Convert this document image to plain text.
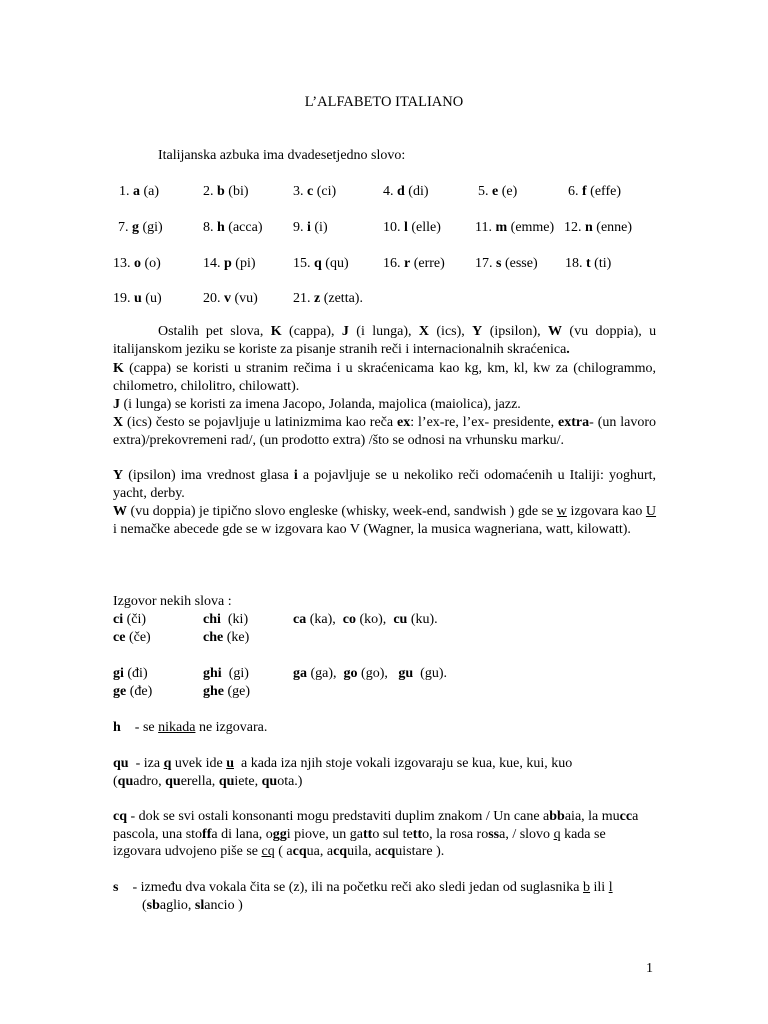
L’ALFABETO ITALIANO
Italijanska azbuka ima dvadesetjedno slovo:
1. a (a)	2. b (bi)	3. c (ci)	4. d (di)	5. e (e)	6. f (effe)
7. g (gi)	8. h (acca) 9. i (i)	10. l (elle) 11. m (emme) 12. n (enne)
13. o (o)	14. p (pi)	15. q (qu) 16. r (erre) 17. s (esse) 18. t (ti)
19. u (u)	20. v (vu)	21. z (zetta).
Ostalih pet slova, K (cappa), J (i lunga), X (ics), Y (ipsilon), W (vu doppia), u italijanskom jeziku se koriste za pisanje stranih reči i internacionalnih skraćenica.
K (cappa) se koristi u stranim rečima i u skraćenicama kao kg, km, kl, kw za (chilogrammo, chilometro, chilolitro, chilowatt).
J (i lunga) se koristi za imena Jacopo, Jolanda, majolica (maiolica), jazz.
X (ics) često se pojavljuje u latinizmima kao reča ex: l’ex-re, l’ex- presidente, extra- (un lavoro extra)/prekovremeni rad/, (un prodotto extra) /što se odnosi na vrhunsku marku/.
Y (ipsilon) ima vrednost glasa i a pojavljuje se u nekoliko reči odomaćenih u Italiji: yoghurt, yacht, derby.
W (vu doppia) je tipično slovo engleske (whisky, week-end, sandwish ) gde se w izgovara kao U i nemačke abecede gde se w izgovara kao V (Wagner, la musica wagneriana, watt, kilowatt).
Izgovor nekih slova :
ci (či)	chi (ki)	ca (ka), co (ko), cu (ku).
ce (če)	che (ke)
gi (đi)	ghi (gi)	ga (ga), go (go), gu (gu).
ge (đe)	ghe (ge)
h - se nikada ne izgovara.
qu - iza q uvek ide u a kada iza njih stoje vokali izgovaraju se kua, kue, kui, kuo
(quadro, querella, quiete, quota.)
cq - dok se svi ostali konsonanti mogu predstaviti duplim znakom / Un cane abbaia, la mucca pascola, una stoffa di lana, oggi piove, un gatto sul tetto, la rosa rossa, / slovo q kada se izgovara udvojeno piše se cq ( acqua, acquila, acquistare ).
s - između dva vokala čita se (z), ili na početku reči ako sledi jedan od suglasnika b ili l
(sbaglio, slancio )
1
